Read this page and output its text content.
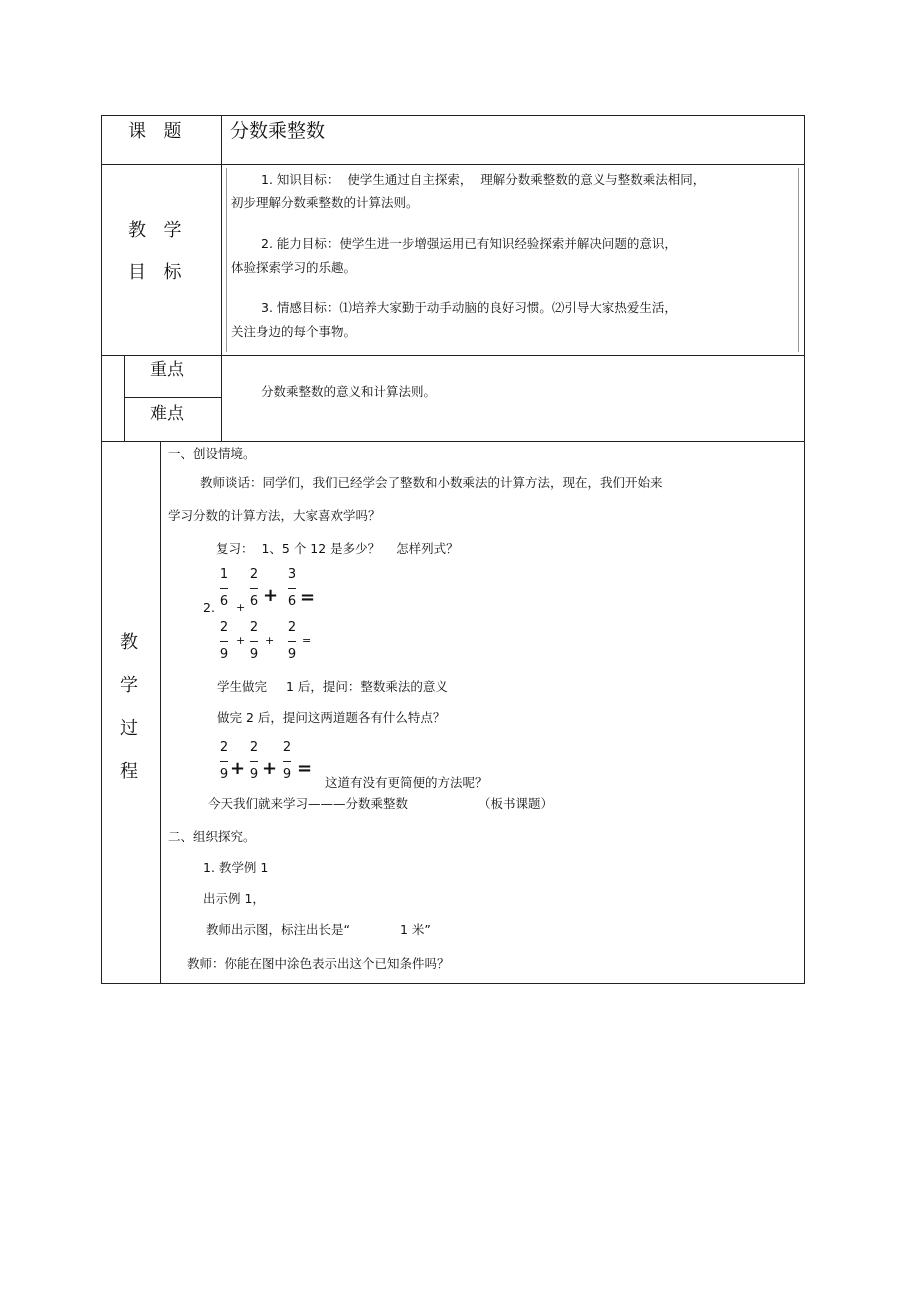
课  题 分数乘整数
教  学
目  标
1. 知识目标：  使学生通过自主探索，  理解分数乘整数的意义与整数乘法相同，
初步理解分数乘整数的计算法则。
2. 能力目标：使学生进一步增强运用已有知识经验探索并解决问题的意识，
体验探索学习的乐趣。
3. 情感目标：⑴培养大家勤于动手动脑的良好习惯。⑵引导大家热爱生活，
关注身边的每个事物。
重点
难点
分数乘整数的意义和计算法则。
教
学
过
程
一、创设情境。
教师谈话：同学们，我们已经学会了整数和小数乘法的计算方法，现在，我们开始来
学习分数的计算方法，大家喜欢学吗？
复习：  1、5 个 12 是多少？    怎样列式？
2.
1
6 +
2
6 +
3
6 =
2
9
+
2
9
+
2
9
=
学生做完 1 后，提问：整数乘法的意义
做完 2 后，提问这两道题各有什么特点？
2
9 +
2
9 +
2
9 =
这道有没有更简便的方法呢？
今天我们就来学习———分数乘整数	（板书课题）
二、组织探究。
1. 教学例 1
出示例 1，
教师出示图，标注出长是“	1 米”
教师：你能在图中涂色表示出这个已知条件吗？
